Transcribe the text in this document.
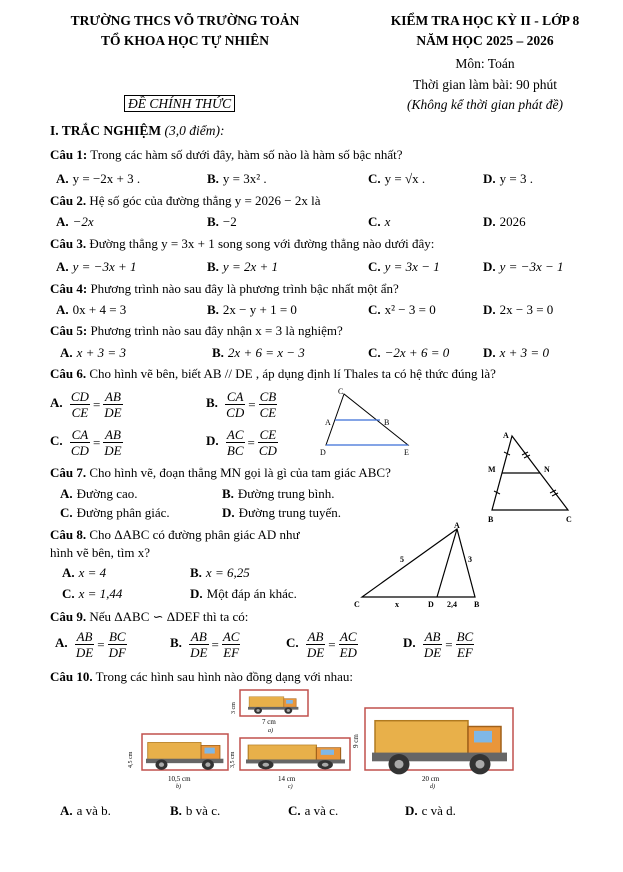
TRƯỜNG THCS VÕ TRƯỜNG TOẢN
TỔ KHOA HỌC TỰ NHIÊN
KIỂM TRA HỌC KỲ II - LỚP 8
NĂM HỌC 2025 – 2026
Môn: Toán
Thời gian làm bài: 90 phút
(Không kể thời gian phát đề)
ĐỀ CHÍNH THỨC
I. TRẮC NGHIỆM (3,0 điểm):
Câu 1: Trong các hàm số dưới đây, hàm số nào là hàm số bậc nhất?
A. y = −2x + 3 .	B. y = 3x² .	C. y = √x .	D. y = 3 .
Câu 2. Hệ số góc của đường thẳng y = 2026 − 2x là
A. −2x	B. −2	C. x	D. 2026
Câu 3. Đường thẳng y = 3x + 1 song song với đường thẳng nào dưới đây:
A. y = −3x + 1	B. y = 2x + 1	C. y = 3x − 1	D. y = −3x − 1
Câu 4: Phương trình nào sau đây là phương trình bậc nhất một ẩn?
A. 0x + 4 = 3	B. 2x − y + 1 = 0	C. x² − 3 = 0	D. 2x − 3 = 0
Câu 5: Phương trình nào sau đây nhận x = 3 là nghiệm?
A. x + 3 = 3	B. 2x + 6 = x − 3	C. −2x + 6 = 0	D. x + 3 = 0
Câu 6. Cho hình vẽ bên, biết AB // DE , áp dụng định lí Thales ta có hệ thức đúng là?
A. $\frac{CD}{CE} = \frac{AB}{DE}$	B. $\frac{CA}{CD} = \frac{CB}{CE}$
C. $\frac{CA}{CD} = \frac{AB}{DE}$	D. $\frac{AC}{BC} = \frac{CE}{CD}$
C
A	B
D	E
Câu 7. Cho hình vẽ, đoạn thẳng MN gọi là gì của tam giác ABC?
A. Đường cao.	B. Đường trung bình.
C. Đường phân giác.	D. Đường trung tuyến.
A
M	N
B	C
Câu 8. Cho ΔABC có đường phân giác AD như
hình vẽ bên, tìm x?
A. x = 4	B. x = 6,25
C. x = 1,44	D. Một đáp án khác.
A
C	D	B
5	3
x	2,4
Câu 9. Nếu ΔABC ∽ ΔDEF thì ta có:
A. $\frac{AB}{DE} = \frac{BC}{DF}$	B. $\frac{AB}{DE} = \frac{AC}{EF}$	C. $\frac{AB}{DE} = \frac{AC}{ED}$	D. $\frac{AB}{DE} = \frac{BC}{EF}$
Câu 10. Trong các hình sau hình nào đồng dạng với nhau:
3 cm
7 cm
a)
4,5 cm
10,5 cm
b)
3,5 cm
14 cm
c)
9 cm
20 cm
d)
A. a và b.	B. b và c.	C. a và c.	D. c và d.
